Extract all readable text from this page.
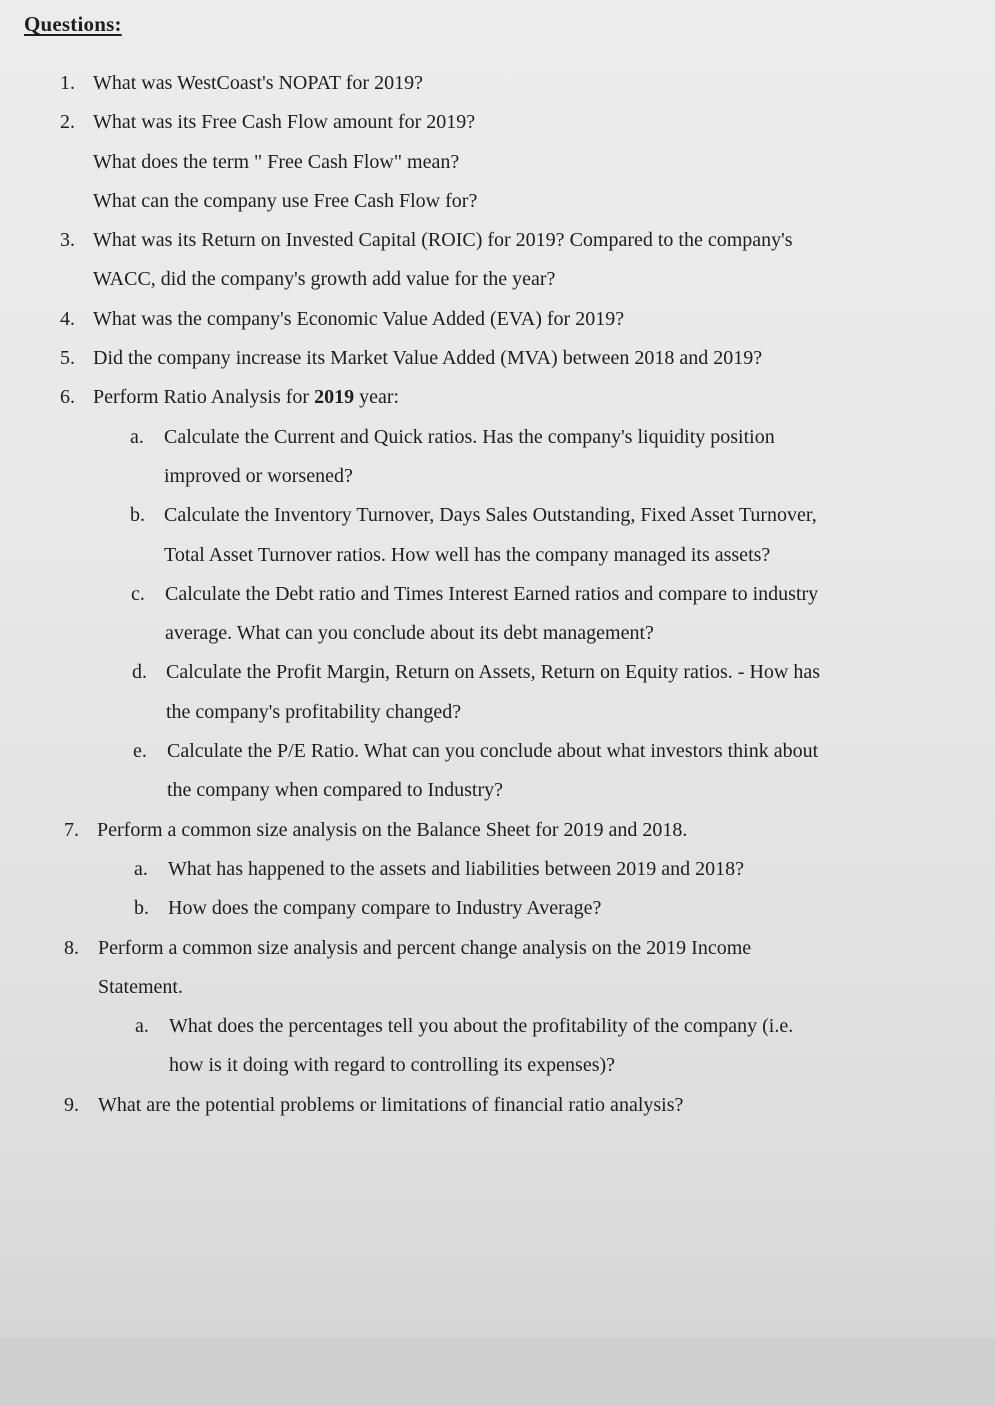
Questions:
1. What was WestCoast's NOPAT for 2019?
2. What was its Free Cash Flow amount for 2019?
What does the term " Free Cash Flow" mean?
What can the company use Free Cash Flow for?
3. What was its Return on Invested Capital (ROIC) for 2019? Compared to the company's
WACC, did the company's growth add value for the year?
4. What was the company's Economic Value Added (EVA) for 2019?
5. Did the company increase its Market Value Added (MVA) between 2018 and 2019?
6. Perform Ratio Analysis for 2019 year:
a. Calculate the Current and Quick ratios. Has the company's liquidity position
improved or worsened?
b. Calculate the Inventory Turnover, Days Sales Outstanding, Fixed Asset Turnover,
Total Asset Turnover ratios. How well has the company managed its assets?
c. Calculate the Debt ratio and Times Interest Earned ratios and compare to industry
average. What can you conclude about its debt management?
d. Calculate the Profit Margin, Return on Assets, Return on Equity ratios. - How has
the company's profitability changed?
e. Calculate the P/E Ratio. What can you conclude about what investors think about
the company when compared to Industry?
7. Perform a common size analysis on the Balance Sheet for 2019 and 2018.
a. What has happened to the assets and liabilities between 2019 and 2018?
b. How does the company compare to Industry Average?
8. Perform a common size analysis and percent change analysis on the 2019 Income
Statement.
a. What does the percentages tell you about the profitability of the company (i.e.
how is it doing with regard to controlling its expenses)?
9. What are the potential problems or limitations of financial ratio analysis?
